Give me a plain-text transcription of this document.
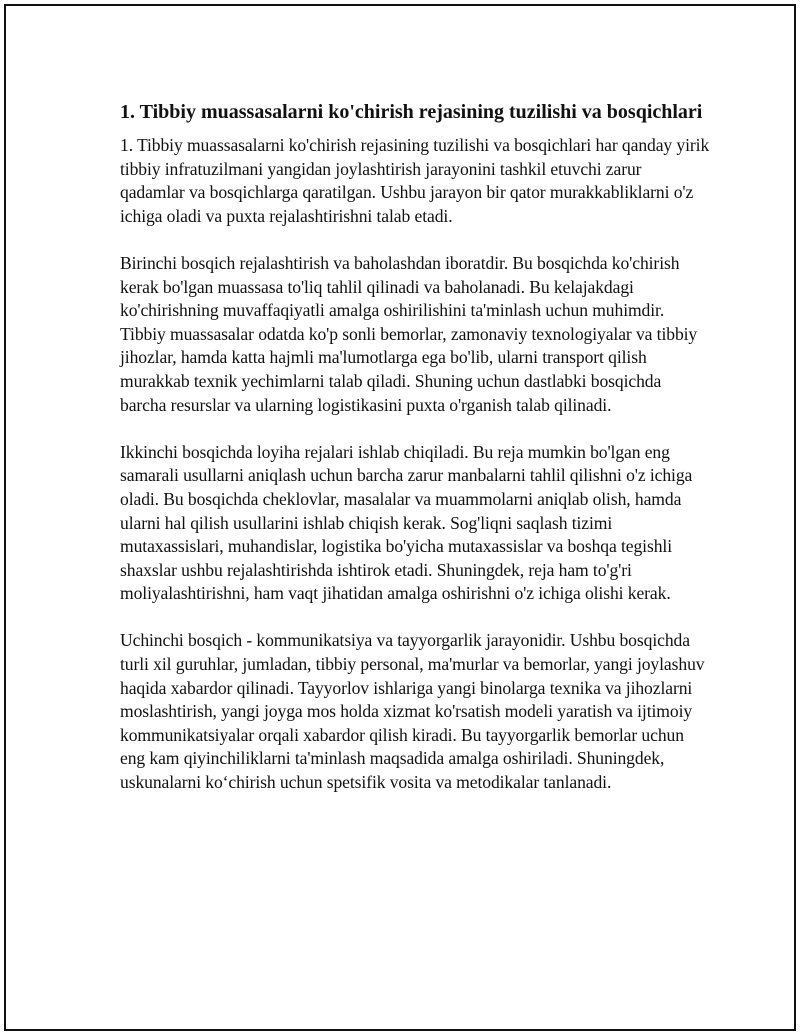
1. Tibbiy muassasalarni ko'chirish rejasining tuzilishi va bosqichlari

1. Tibbiy muassasalarni ko'chirish rejasining tuzilishi va bosqichlari har qanday yirik tibbiy infratuzilmani yangidan joylashtirish jarayonini tashkil etuvchi zarur qadamlar va bosqichlarga qaratilgan. Ushbu jarayon bir qator murakkabliklarni o'z ichiga oladi va puxta rejalashtirishni talab etadi.

Birinchi bosqich rejalashtirish va baholashdan iboratdir. Bu bosqichda ko'chirish kerak bo'lgan muassasa to'liq tahlil qilinadi va baholanadi. Bu kelajakdagi ko'chirishning muvaffaqiyatli amalga oshirilishini ta'minlash uchun muhimdir. Tibbiy muassasalar odatda ko'p sonli bemorlar, zamonaviy texnologiyalar va tibbiy jihozlar, hamda katta hajmli ma'lumotlarga ega bo'lib, ularni transport qilish murakkab texnik yechimlarni talab qiladi. Shuning uchun dastlabki bosqichda barcha resurslar va ularning logistikasini puxta o'rganish talab qilinadi.

Ikkinchi bosqichda loyiha rejalari ishlab chiqiladi. Bu reja mumkin bo'lgan eng samarali usullarni aniqlash uchun barcha zarur manbalarni tahlil qilishni o'z ichiga oladi. Bu bosqichda cheklovlar, masalalar va muammolarni aniqlab olish, hamda ularni hal qilish usullarini ishlab chiqish kerak. Sog'liqni saqlash tizimi mutaxassislari, muhandislar, logistika bo'yicha mutaxassislar va boshqa tegishli shaxslar ushbu rejalashtirishda ishtirok etadi. Shuningdek, reja ham to'g'ri moliyalashtirishni, ham vaqt jihatidan amalga oshirishni o'z ichiga olishi kerak.

Uchinchi bosqich - kommunikatsiya va tayyorgarlik jarayonidir. Ushbu bosqichda turli xil guruhlar, jumladan, tibbiy personal, ma'murlar va bemorlar, yangi joylashuv haqida xabardor qilinadi. Tayyorlov ishlariga yangi binolarga texnika va jihozlarni moslashtirish, yangi joyga mos holda xizmat ko'rsatish modeli yaratish va ijtimoiy kommunikatsiyalar orqali xabardor qilish kiradi. Bu tayyorgarlik bemorlar uchun eng kam qiyinchiliklarni ta'minlash maqsadida amalga oshiriladi. Shuningdek, uskunalarni ko‘chirish uchun spetsifik vosita va metodikalar tanlanadi.
